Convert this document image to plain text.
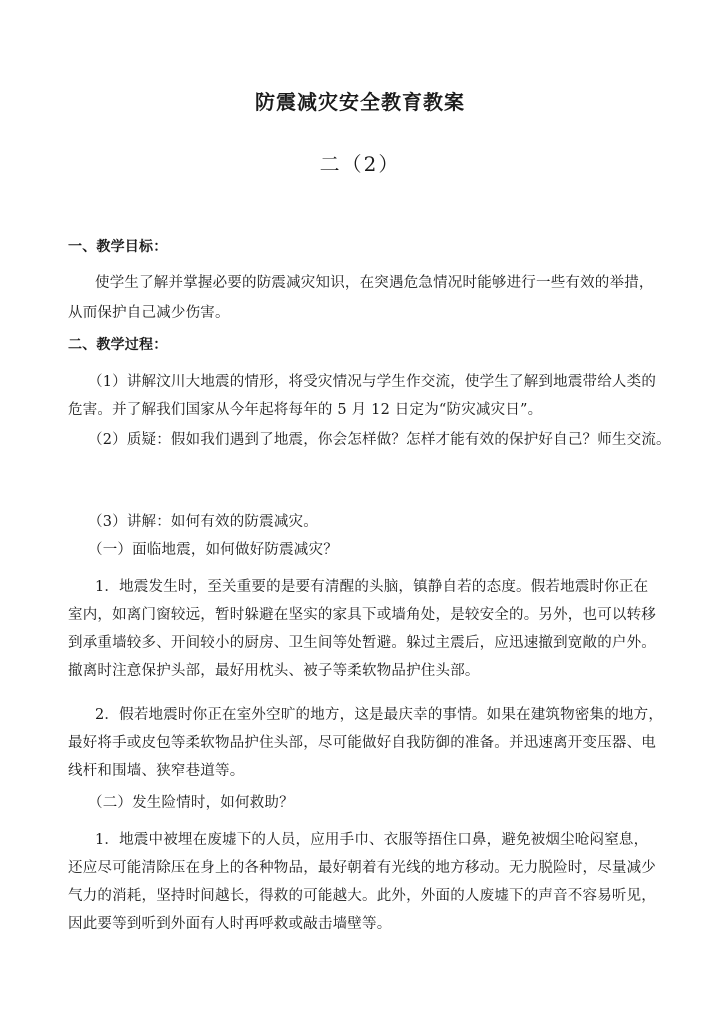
防震减灾安全教育教案
二（2）
一、教学目标：
使学生了解并掌握必要的防震减灾知识，在突遇危急情况时能够进行一些有效的举措，
从而保护自己减少伤害。
二、教学过程：
（1）讲解汶川大地震的情形，将受灾情况与学生作交流，使学生了解到地震带给人类的
危害。并了解我们国家从今年起将每年的 5 月 12 日定为“防灾减灾日”。
（2）质疑：假如我们遇到了地震，你会怎样做？怎样才能有效的保护好自己？师生交流。
（3）讲解：如何有效的防震减灾。
（一）面临地震，如何做好防震减灾？
1．地震发生时，至关重要的是要有清醒的头脑，镇静自若的态度。假若地震时你正在
室内，如离门窗较远，暂时躲避在坚实的家具下或墙角处，是较安全的。另外，也可以转移
到承重墙较多、开间较小的厨房、卫生间等处暂避。躲过主震后，应迅速撤到宽敞的户外。
撤离时注意保护头部，最好用枕头、被子等柔软物品护住头部。
2．假若地震时你正在室外空旷的地方，这是最庆幸的事情。如果在建筑物密集的地方，
最好将手或皮包等柔软物品护住头部，尽可能做好自我防御的准备。并迅速离开变压器、电
线杆和围墙、狭窄巷道等。
（二）发生险情时，如何救助？
1．地震中被埋在废墟下的人员，应用手巾、衣服等捂住口鼻，避免被烟尘呛闷窒息，
还应尽可能清除压在身上的各种物品，最好朝着有光线的地方移动。无力脱险时，尽量减少
气力的消耗，坚持时间越长，得救的可能越大。此外，外面的人废墟下的声音不容易听见，
因此要等到听到外面有人时再呼救或敲击墙壁等。
